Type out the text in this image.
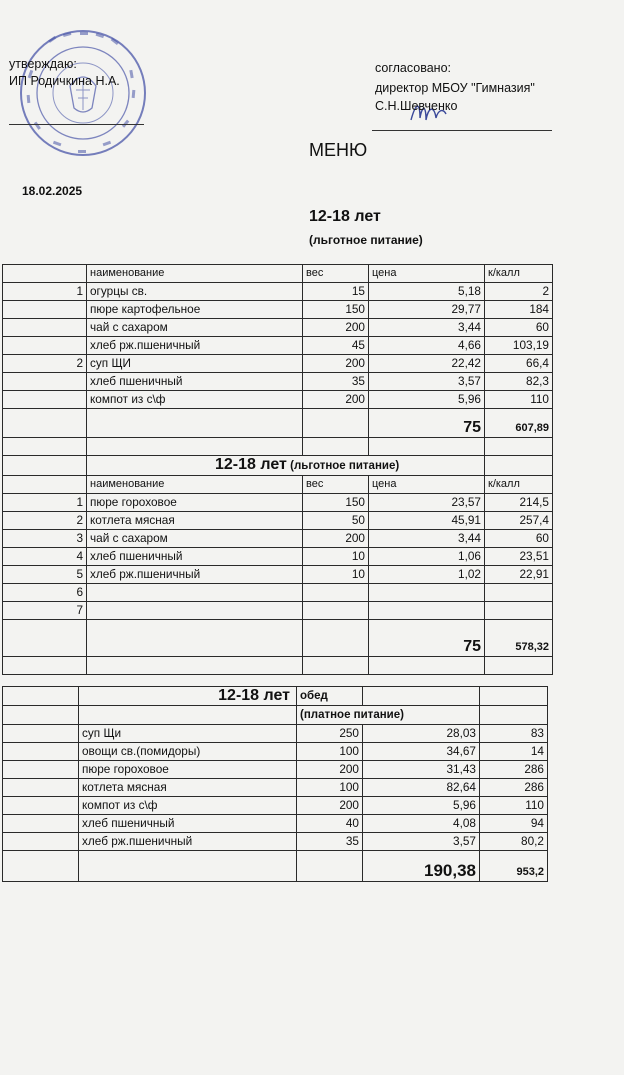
утверждаю:
ИП Родичкина Н.А.
согласовано:
директор МБОУ "Гимназия"
С.Н.Шевченко
МЕНЮ
18.02.2025
12-18 лет
(льготное питание)
	наименование	вес	цена	к/калл
1	огурцы св.	15	5,18	2
	пюре картофельное	150	29,77	184
	чай с сахаром	200	3,44	60
	хлеб рж.пшеничный	45	4,66	103,19
2	суп ЩИ	200	22,42	66,4
	хлеб пшеничный	35	3,57	82,3
	компот из с\ф	200	5,96	110
			75	607,89

	12-18 лет (льготное питание)			
	наименование	вес	цена	к/калл
1	пюре гороховое	150	23,57	214,5
2	котлета мясная	50	45,91	257,4
3	чай с сахаром	200	3,44	60
4	хлеб пшеничный	10	1,06	23,51
5	хлеб рж.пшеничный	10	1,02	22,91
6				
7				
			75	578,32

	12-18 лет	обед		
		(платное питание)		
	суп Щи	250	28,03	83
	овощи св.(помидоры)	100	34,67	14
	пюре гороховое	200	31,43	286
	котлета мясная	100	82,64	286
	компот из с\ф	200	5,96	110
	хлеб пшеничный	40	4,08	94
	хлеб рж.пшеничный	35	3,57	80,2
			190,38	953,2
